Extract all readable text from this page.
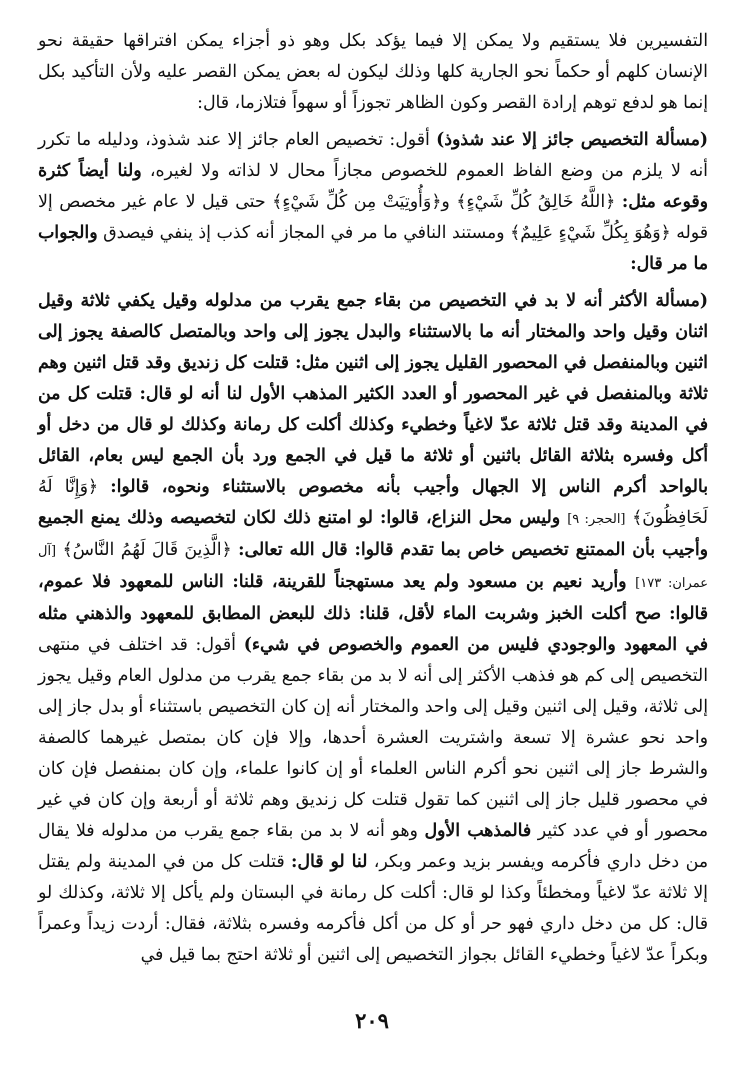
التفسيرين فلا يستقيم ولا يمكن إلا فيما يؤكد بكل وهو ذو أجزاء يمكن افتراقها حقيقة نحو الإنسان كلهم أو حكماً نحو الجارية كلها وذلك ليكون له بعض يمكن القصر عليه ولأن التأكيد بكل إنما هو لدفع توهم إرادة القصر وكون الظاهر تجوزاً أو سهواً فتلازما، قال:

(مسألة التخصيص جائز إلا عند شذوذ) أقول: تخصيص العام جائز إلا عند شذوذ، ودليله ما تكرر أنه لا يلزم من وضع الفاظ العموم للخصوص مجازاً محال لا لذاته ولا لغيره، ولنا أيضاً كثرة وقوعه مثل: ﴿اللَّهُ خَالِقُ كُلِّ شَيْءٍ﴾ و﴿وَأُوتِيَتْ مِن كُلِّ شَيْءٍ﴾ حتى قيل لا عام غير مخصص إلا قوله ﴿وَهُوَ بِكُلِّ شَيْءٍ عَلِيمٌ﴾ ومستند النافي ما مر في المجاز أنه كذب إذ ينفي فيصدق والجواب ما مر قال:

(مسألة الأكثر أنه لا بد في التخصيص من بقاء جمع يقرب من مدلوله وقيل يكفي ثلاثة وقيل اثنان وقيل واحد والمختار أنه ما بالاستثناء والبدل يجوز إلى واحد وبالمتصل كالصفة يجوز إلى اثنين وبالمنفصل في المحصور القليل يجوز إلى اثنين مثل: قتلت كل زنديق وقد قتل اثنين وهم ثلاثة وبالمنفصل في غير المحصور أو العدد الكثير المذهب الأول لنا أنه لو قال: قتلت كل من في المدينة وقد قتل ثلاثة عدّ لاغياً وخطيء وكذلك أكلت كل رمانة وكذلك لو قال من دخل أو أكل وفسره بثلاثة القائل باثنين أو ثلاثة ما قيل في الجمع ورد بأن الجمع ليس بعام، القائل بالواحد أكرم الناس إلا الجهال وأجيب بأنه مخصوص بالاستثناء ونحوه، قالوا: ﴿وَإِنَّا لَهُ لَحَافِظُونَ﴾ [الحجر: ٩] وليس محل النزاع، قالوا: لو امتنع ذلك لكان لتخصيصه وذلك يمنع الجميع وأجيب بأن الممتنع تخصيص خاص بما تقدم قالوا: قال الله تعالى: ﴿الَّذِينَ قَالَ لَهُمُ النَّاسُ﴾ [آل عمران: ١٧٣] وأريد نعيم بن مسعود ولم يعد مستهجناً للقرينة، قلنا: الناس للمعهود فلا عموم، قالوا: صح أكلت الخبز وشربت الماء لأقل، قلنا: ذلك للبعض المطابق للمعهود والذهني مثله في المعهود والوجودي فليس من العموم والخصوص في شيء) أقول: قد اختلف في منتهى التخصيص إلى كم هو فذهب الأكثر إلى أنه لا بد من بقاء جمع يقرب من مدلول العام وقيل يجوز إلى ثلاثة، وقيل إلى اثنين وقيل إلى واحد والمختار أنه إن كان التخصيص باستثناء أو بدل جاز إلى واحد نحو عشرة إلا تسعة واشتريت العشرة أحدها، وإلا فإن كان بمتصل غيرهما كالصفة والشرط جاز إلى اثنين نحو أكرم الناس العلماء أو إن كانوا علماء، وإن كان بمنفصل فإن كان في محصور قليل جاز إلى اثنين كما تقول قتلت كل زنديق وهم ثلاثة أو أربعة وإن كان في غير محصور أو في عدد كثير فالمذهب الأول وهو أنه لا بد من بقاء جمع يقرب من مدلوله فلا يقال من دخل داري فأكرمه ويفسر بزيد وعمر وبكر، لنا لو قال: قتلت كل من في المدينة ولم يقتل إلا ثلاثة عدّ لاغياً ومخطئاً وكذا لو قال: أكلت كل رمانة في البستان ولم يأكل إلا ثلاثة، وكذلك لو قال: كل من دخل داري فهو حر أو كل من أكل فأكرمه وفسره بثلاثة، فقال: أردت زيداً وعمراً وبكراً عدّ لاغياً وخطيء القائل بجواز التخصيص إلى اثنين أو ثلاثة احتج بما قيل في

٢٠٩
